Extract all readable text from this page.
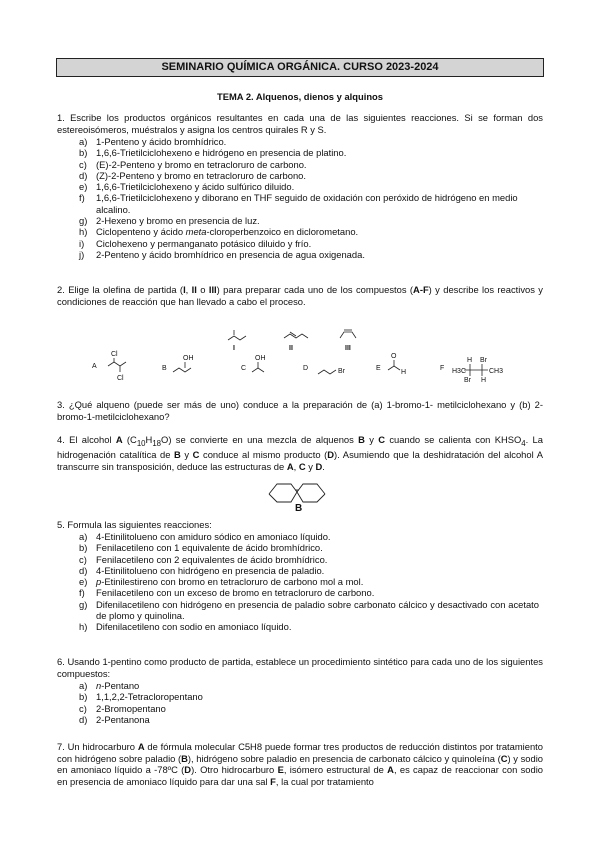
SEMINARIO QUÍMICA ORGÁNICA. CURSO 2023-2024
TEMA 2. Alquenos, dienos y alquinos

1. Escribe los productos orgánicos resultantes en cada una de las siguientes reacciones. Si se forman dos estereoisómeros, muéstralos y asigna los centros quirales R y S.

a) 1-Penteno y ácido bromhídrico.
b) 1,6,6-Trietilciclohexeno e hidrógeno en presencia de platino.
c) (E)-2-Penteno y bromo en tetracloruro de carbono.
d) (Z)-2-Penteno y bromo en tetracloruro de carbono.
e) 1,6,6-Trietilciclohexeno y ácido sulfúrico diluido.
f) 1,6,6-Trietilciclohexeno y diborano en THF seguido de oxidación con peróxido de hidrógeno en medio alcalino.
g) 2-Hexeno y bromo en presencia de luz.
h) Ciclopenteno y ácido meta-cloroperbenzoico en diclorometano.
i) Ciclohexeno y permanganato potásico diluido y frío.
j) 2-Penteno y ácido bromhídrico en presencia de agua oxigenada.

2. Elige la olefina de partida (I, II o III) para preparar cada uno de los compuestos (A-F) y describe los reactivos y condiciones de reacción que han llevado a cabo el proceso.

I	II	III
A
Cl
Cl
B
OH
C
OH
D	Br	E
O
H
F
H Br
H3C	CH3
Br H

3. ¿Qué alqueno (puede ser más de uno) conduce a la preparación de (a) 1-bromo-1- metilciclohexano y (b) 2-bromo-1-metilciclohexano?

4. El alcohol A $(C_{10}H_{18}O)$ se convierte en una mezcla de alquenos B y C cuando se calienta con $KHSO_4$. La hidrogenación catalítica de B y C conduce al mismo producto (D). Asumiendo que la deshidratación del alcohol A transcurre sin transposición, deduce las estructuras de A, C y D.

B

5. Formula las siguientes reacciones:

a) 4-Etinilitolueno con amiduro sódico en amoniaco líquido.
b) Fenilacetileno con 1 equivalente de ácido bromhídrico.
c) Fenilacetileno con 2 equivalentes de ácido bromhídrico.
d) 4-Etinilitolueno con hidrógeno en presencia de paladio.
e) p-Etinilestireno con bromo en tetracloruro de carbono mol a mol.
f) Fenilacetileno con un exceso de bromo en tetracloruro de carbono.
g) Difenilacetileno con hidrógeno en presencia de paladio sobre carbonato cálcico y desactivado con acetato de plomo y quinolina.
h) Difenilacetileno con sodio en amoniaco líquido.

6. Usando 1-pentino como producto de partida, establece un procedimiento sintético para cada uno de los siguientes compuestos:

a) n-Pentano
b) 1,1,2,2-Tetracloropentano
c) 2-Bromopentano
d) 2-Pentanona

7. Un hidrocarburo A de fórmula molecular C5H8 puede formar tres productos de reducción distintos por tratamiento con hidrógeno sobre paladio (B), hidrógeno sobre paladio en presencia de carbonato cálcico y quinoleína (C) y sodio en amoniaco líquido a -78ºC (D). Otro hidrocarburo E, isómero estructural de A, es capaz de reaccionar con sodio en presencia de amoniaco líquido para dar una sal F, la cual por tratamiento
